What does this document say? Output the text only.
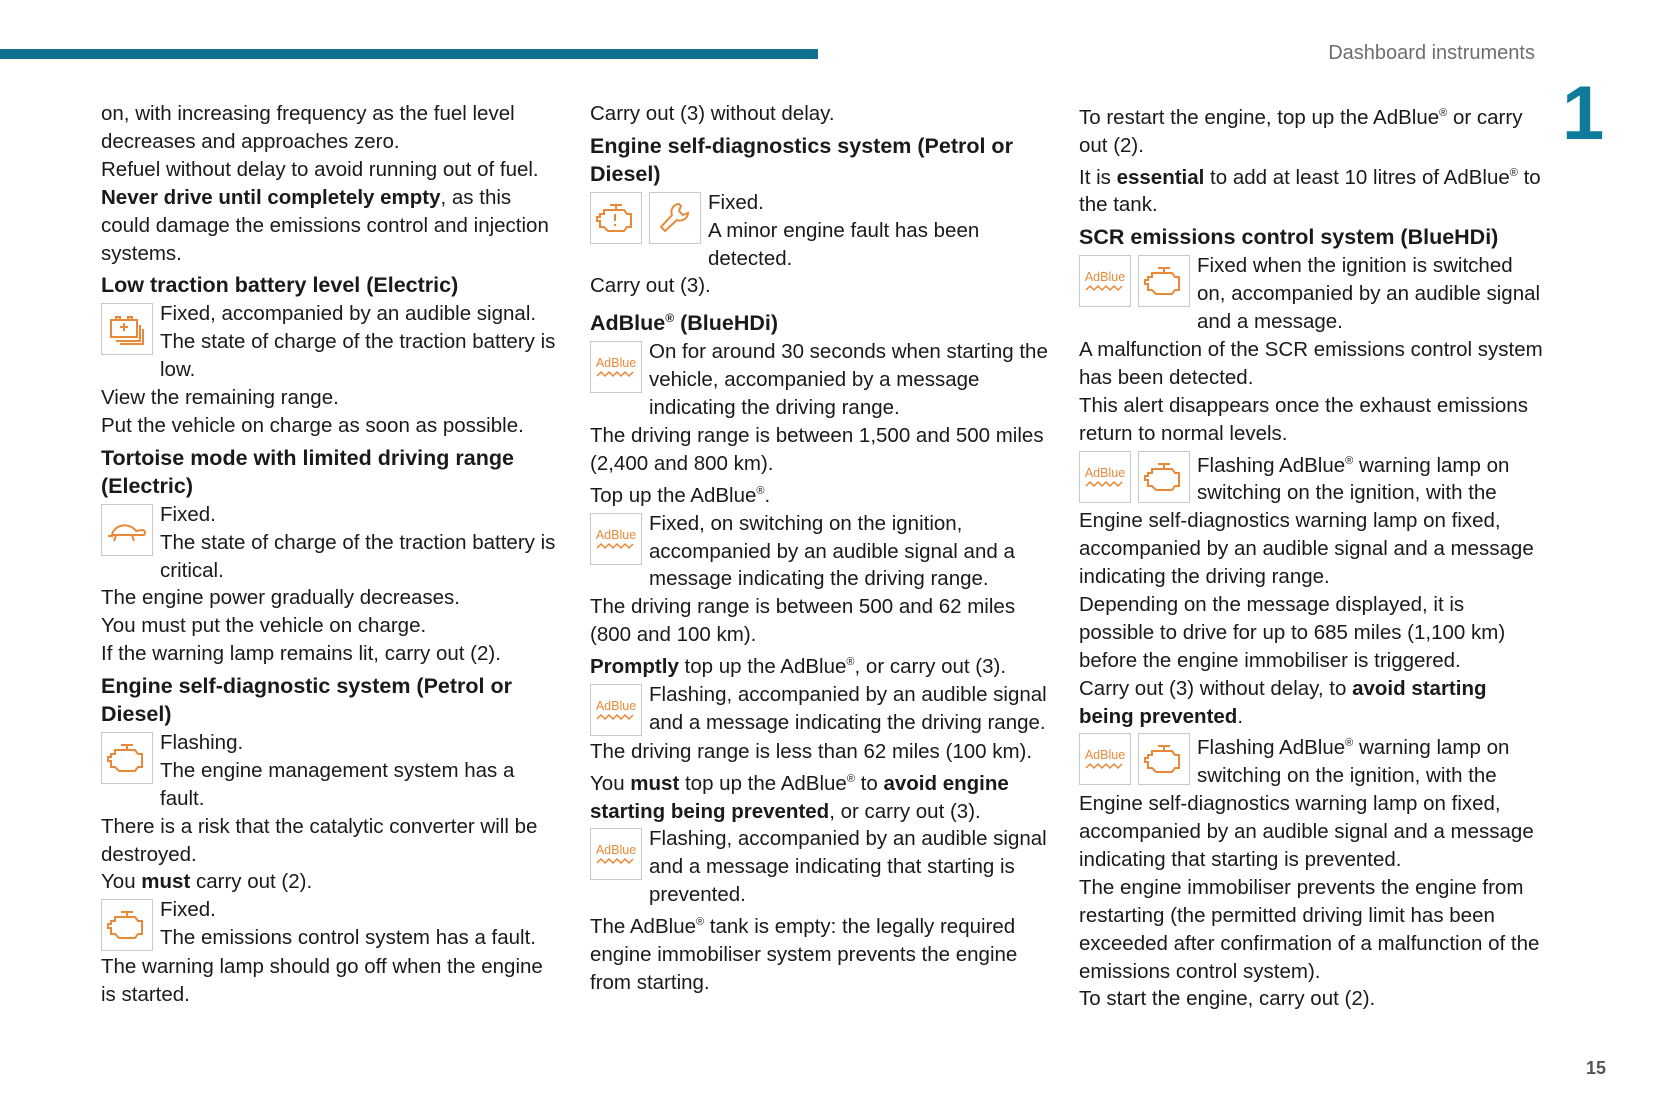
Dashboard instruments
1
15

on, with increasing frequency as the fuel level decreases and approaches zero.

Refuel without delay to avoid running out of fuel.

Never drive until completely empty, as this could damage the emissions control and injection systems.

Low traction battery level (Electric)

Fixed, accompanied by an audible signal.

The state of charge of the traction battery is low.

View the remaining range.

Put the vehicle on charge as soon as possible.

Tortoise mode with limited driving range (Electric)

Fixed.

The state of charge of the traction battery is critical.

The engine power gradually decreases.

You must put the vehicle on charge.

If the warning lamp remains lit, carry out (2).

Engine self-diagnostic system (Petrol or Diesel)

Flashing.

The engine management system has a fault.

There is a risk that the catalytic converter will be destroyed.

You must carry out (2).

Fixed.

The emissions control system has a fault.

The warning lamp should go off when the engine is started.

Carry out (3) without delay.

Engine self-diagnostics system (Petrol or Diesel)

Fixed.

A minor engine fault has been detected.

Carry out (3).

AdBlue® (BlueHDi)
AdBlue On for around 30 seconds when starting the vehicle, accompanied by a message indicating the driving range.

The driving range is between 1,500 and 500 miles (2,400 and 800 km).

Top up the AdBlue®.

AdBlue Fixed, on switching on the ignition, accompanied by an audible signal and a message indicating the driving range.

The driving range is between 500 and 62 miles (800 and 100 km).

Promptly top up the AdBlue®, or carry out (3).

AdBlue Flashing, accompanied by an audible signal and a message indicating the driving range.

The driving range is less than 62 miles (100 km).

You must top up the AdBlue® to avoid engine starting being prevented, or carry out (3).

AdBlue Flashing, accompanied by an audible signal and a message indicating that starting is prevented.

The AdBlue® tank is empty: the legally required engine immobiliser system prevents the engine from starting.

To restart the engine, top up the AdBlue® or carry out (2).

It is essential to add at least 10 litres of AdBlue® to the tank.

SCR emissions control system (BlueHDi)
AdBlue	Fixed when the ignition is switched on, accompanied by an audible signal and a message.

A malfunction of the SCR emissions control system has been detected.

This alert disappears once the exhaust emissions return to normal levels.

AdBlue	Flashing AdBlue® warning lamp on switching on the ignition, with the Engine self-diagnostics warning lamp on fixed, accompanied by an audible signal and a message indicating the driving range.

Depending on the message displayed, it is possible to drive for up to 685 miles (1,100 km) before the engine immobiliser is triggered.

Carry out (3) without delay, to avoid starting being prevented.

AdBlue	Flashing AdBlue® warning lamp on switching on the ignition, with the Engine self-diagnostics warning lamp on fixed, accompanied by an audible signal and a message indicating that starting is prevented.

The engine immobiliser prevents the engine from restarting (the permitted driving limit has been exceeded after confirmation of a malfunction of the emissions control system).

To start the engine, carry out (2).
